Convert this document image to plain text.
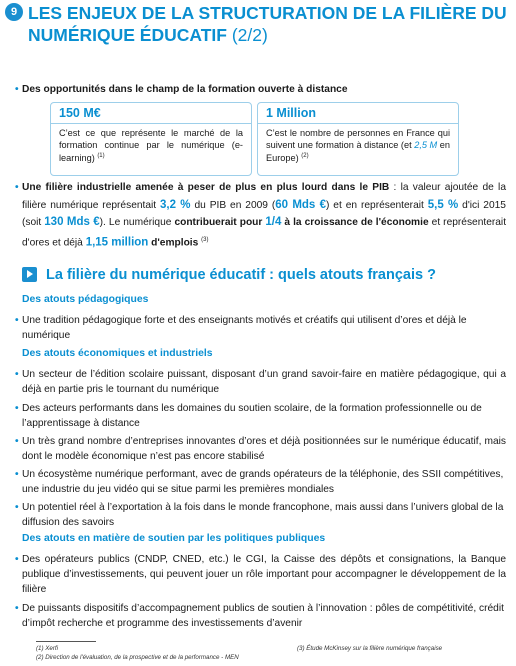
9 LES ENJEUX DE LA STRUCTURATION DE LA FILIÈRE DU
NUMÉRIQUE ÉDUCATIF (2/2)
• Des opportunités dans le champ de la formation ouverte à distance
150 M€
C’est ce que représente le marché de la formation continue par le numérique (e-learning) $^{(1)}$
1 Million
C’est le nombre de personnes en France qui suivent une formation à distance (et 2,5 M en Europe) $^{(2)}$
• Une filière industrielle amenée à peser de plus en plus lourd dans le PIB : la valeur ajoutée de la filière numérique représentait 3,2 % du PIB en 2009 (60 Mds €) et en représenterait 5,5 % d'ici 2015 (soit 130 Mds €). Le numérique contribuerait pour 1/4 à la croissance de l'économie et représenterait d'ores et déjà 1,15 million d'emplois $^{(3)}$
La filière du numérique éducatif : quels atouts français ?
Des atouts pédagogiques
• Une tradition pédagogique forte et des enseignants motivés et créatifs qui utilisent d’ores et déjà le numérique
Des atouts économiques et industriels
• Un secteur de l’édition scolaire puissant, disposant d’un grand savoir-faire en matière pédagogique, qui a déjà en partie pris le tournant du numérique
• Des acteurs performants dans les domaines du soutien scolaire, de la formation professionnelle ou de l’apprentissage à distance
• Un très grand nombre d’entreprises innovantes d’ores et déjà positionnées sur le numérique éducatif, mais dont le modèle économique n’est pas encore stabilisé
• Un écosystème numérique performant, avec de grands opérateurs de la téléphonie, des SSII compétitives, une industrie du jeu vidéo qui se situe parmi les premières mondiales
• Un potentiel réel à l’exportation à la fois dans le monde francophone, mais aussi dans l’univers global de la diffusion des savoirs
Des atouts en matière de soutien par les politiques publiques
• Des opérateurs publics (CNDP, CNED, etc.) le CGI, la Caisse des dépôts et consignations, la Banque publique d’investissements, qui peuvent jouer un rôle important pour accompagner le développement de la filière
• De puissants dispositifs d’accompagnement publics de soutien à l’innovation : pôles de compétitivité, crédit d’impôt recherche et programme des investissements d’avenir
(1) Xerfi
(2) Direction de l'évaluation, de la prospective et de la performance - MEN
(3) Étude McKinsey sur la filière numérique française
